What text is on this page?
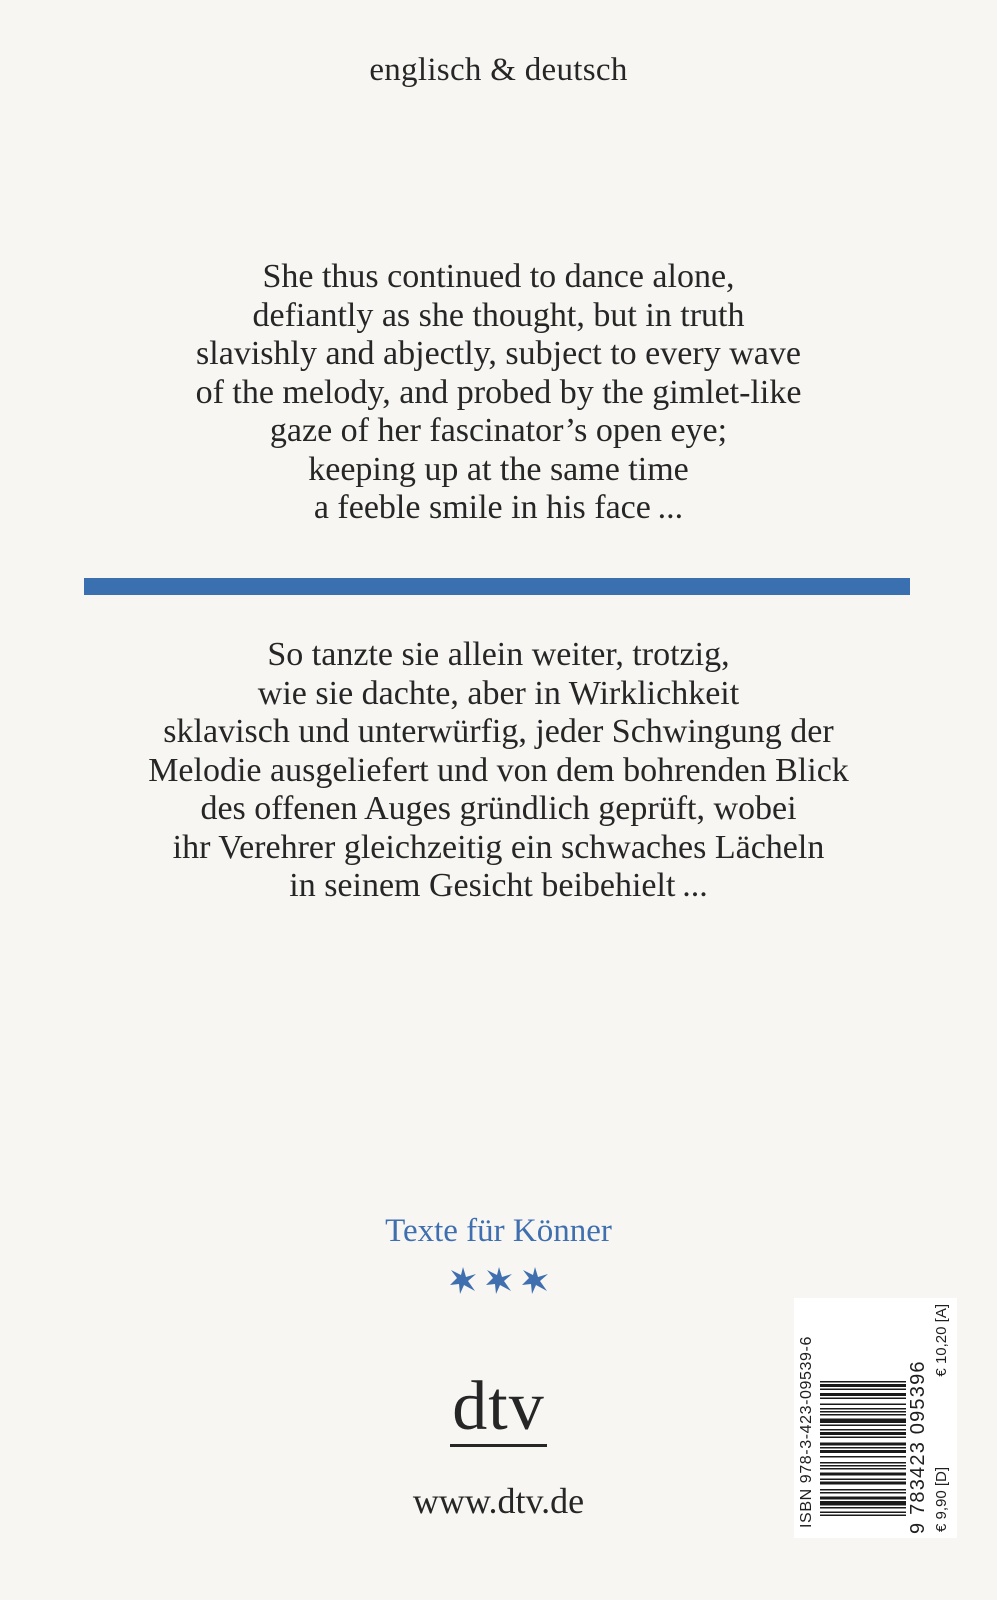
englisch & deutsch
She thus continued to dance alone,
defiantly as she thought, but in truth
slavishly and abjectly, subject to every wave
of the melody, and probed by the gimlet-like
gaze of her fascinator’s open eye;
keeping up at the same time
a feeble smile in his face ...
So tanzte sie allein weiter, trotzig,
wie sie dachte, aber in Wirklichkeit
sklavisch und unterwürfig, jeder Schwingung der
Melodie ausgeliefert und von dem bohrenden Blick
des offenen Auges gründlich geprüft, wobei
ihr Verehrer gleichzeitig ein schwaches Lächeln
in seinem Gesicht beibehielt ...
Texte für Könner
dtv
www.dtv.de	ISBN 978-3-423-09539-6	9 783423 095396 € 9,90 [D]
€ 10,20 [A]
